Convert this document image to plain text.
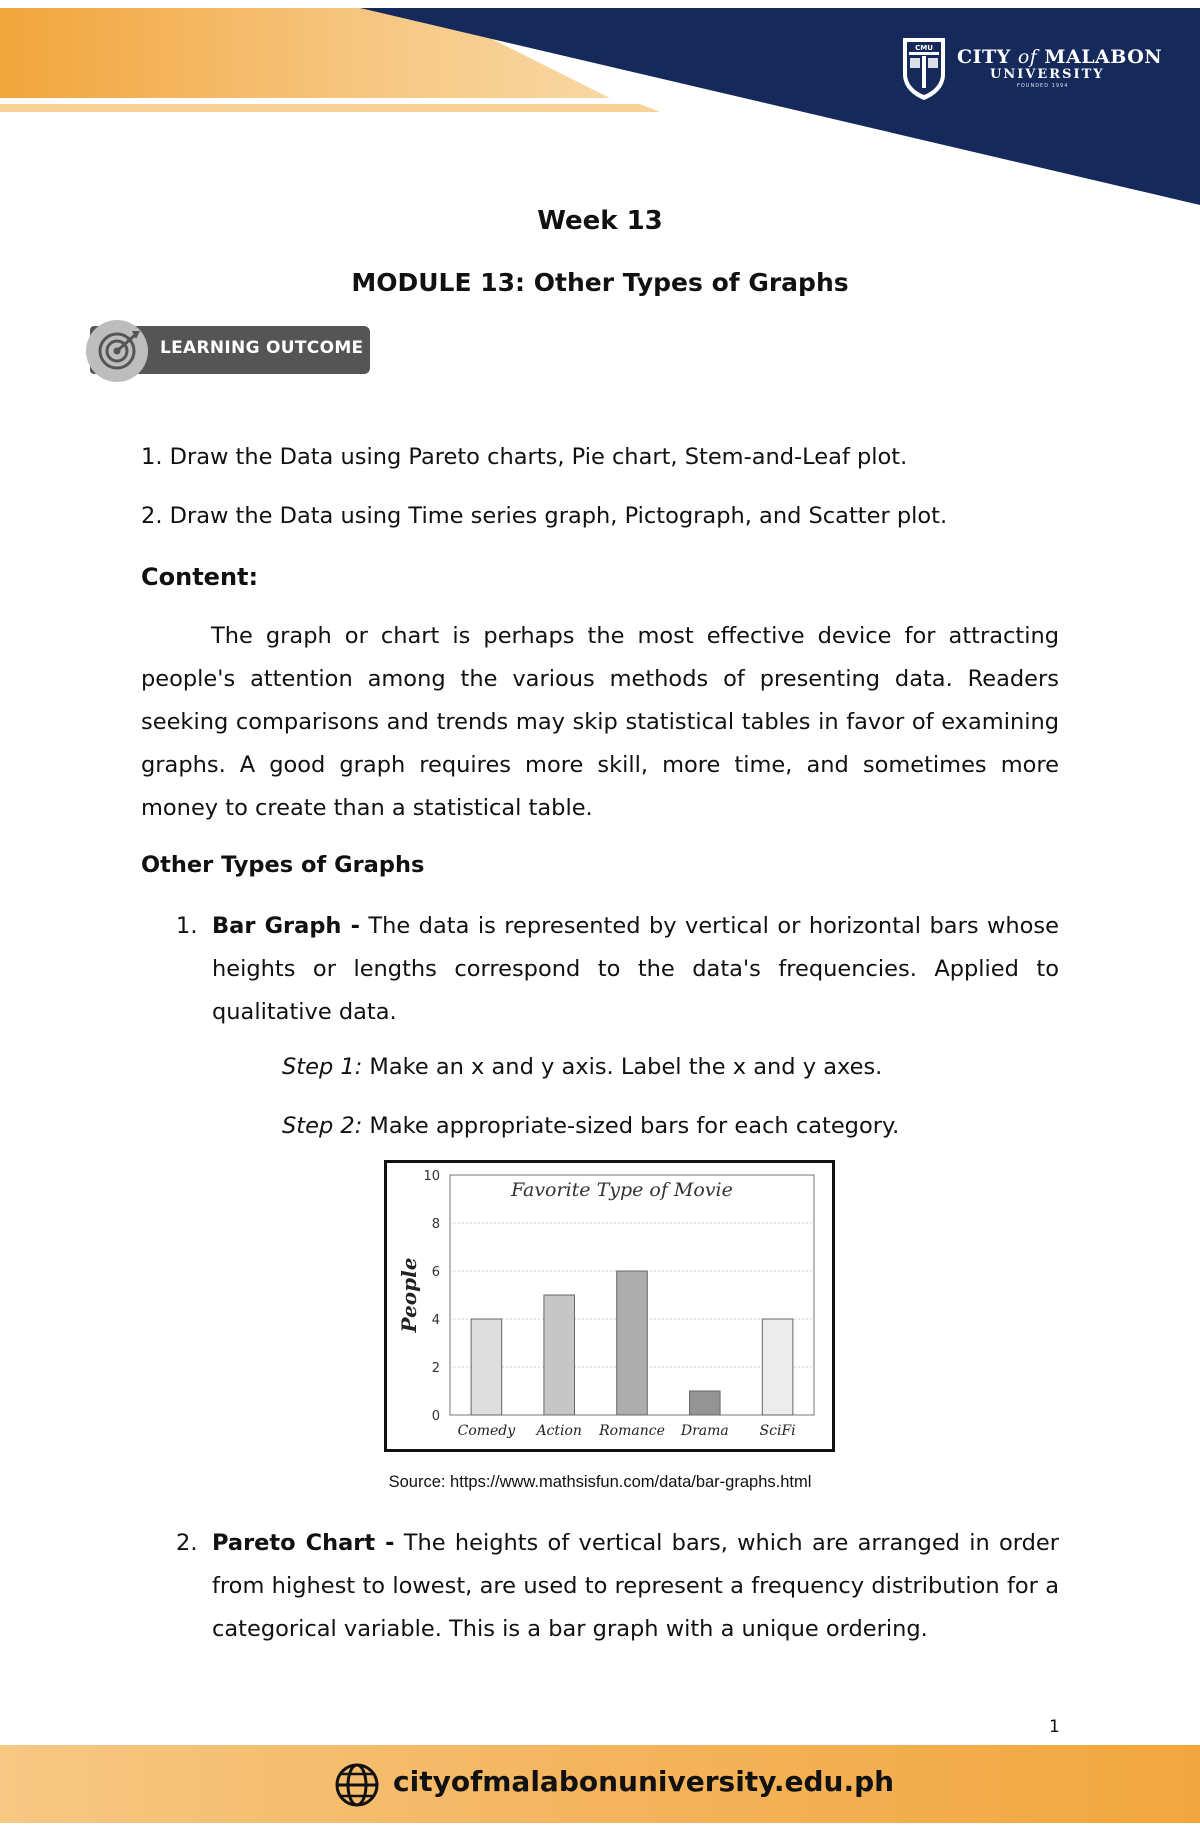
CMU CITY of MALABON
UNIVERSITY
FOUNDED 1994
Week 13
MODULE 13: Other Types of Graphs
LEARNING OUTCOME
1. Draw the Data using Pareto charts, Pie chart, Stem-and-Leaf plot.
2. Draw the Data using Time series graph, Pictograph, and Scatter plot.
Content:
The graph or chart is perhaps the most effective device for attracting people's attention among the various methods of presenting data. Readers seeking comparisons and trends may skip statistical tables in favor of examining graphs. A good graph requires more skill, more time, and sometimes more money to create than a statistical table.
Other Types of Graphs
1. Bar Graph - The data is represented by vertical or horizontal bars whose heights or lengths correspond to the data's frequencies. Applied to qualitative data.
Step 1: Make an x and y axis. Label the x and y axes.
Step 2: Make appropriate-sized bars for each category.
0
2
4
6
8
10
Comedy Action Romance Drama SciFi
Favorite Type of Movie
People
Source: https://www.mathsisfun.com/data/bar-graphs.html
2. Pareto Chart - The heights of vertical bars, which are arranged in order from highest to lowest, are used to represent a frequency distribution for a categorical variable. This is a bar graph with a unique ordering.
1
cityofmalabonuniversity.edu.ph
